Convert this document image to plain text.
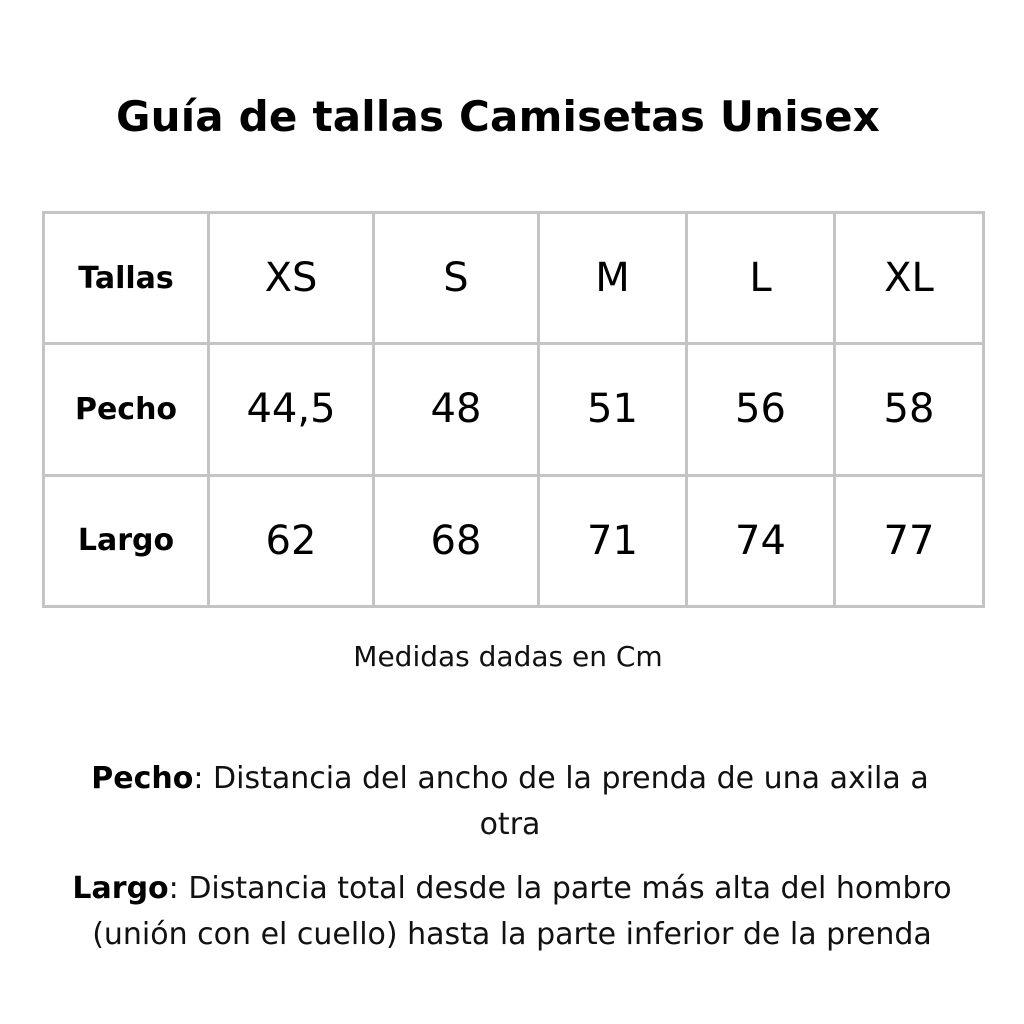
Guía de tallas Camisetas Unisex
Tallas	XS	S	M	L	XL
Pecho	44,5	48	51	56	58
Largo	62	68	71	74	77
Medidas dadas en Cm
Pecho: Distancia del ancho de la prenda de una axila a otra
Largo: Distancia total desde la parte más alta del hombro (unión con el cuello) hasta la parte inferior de la prenda
